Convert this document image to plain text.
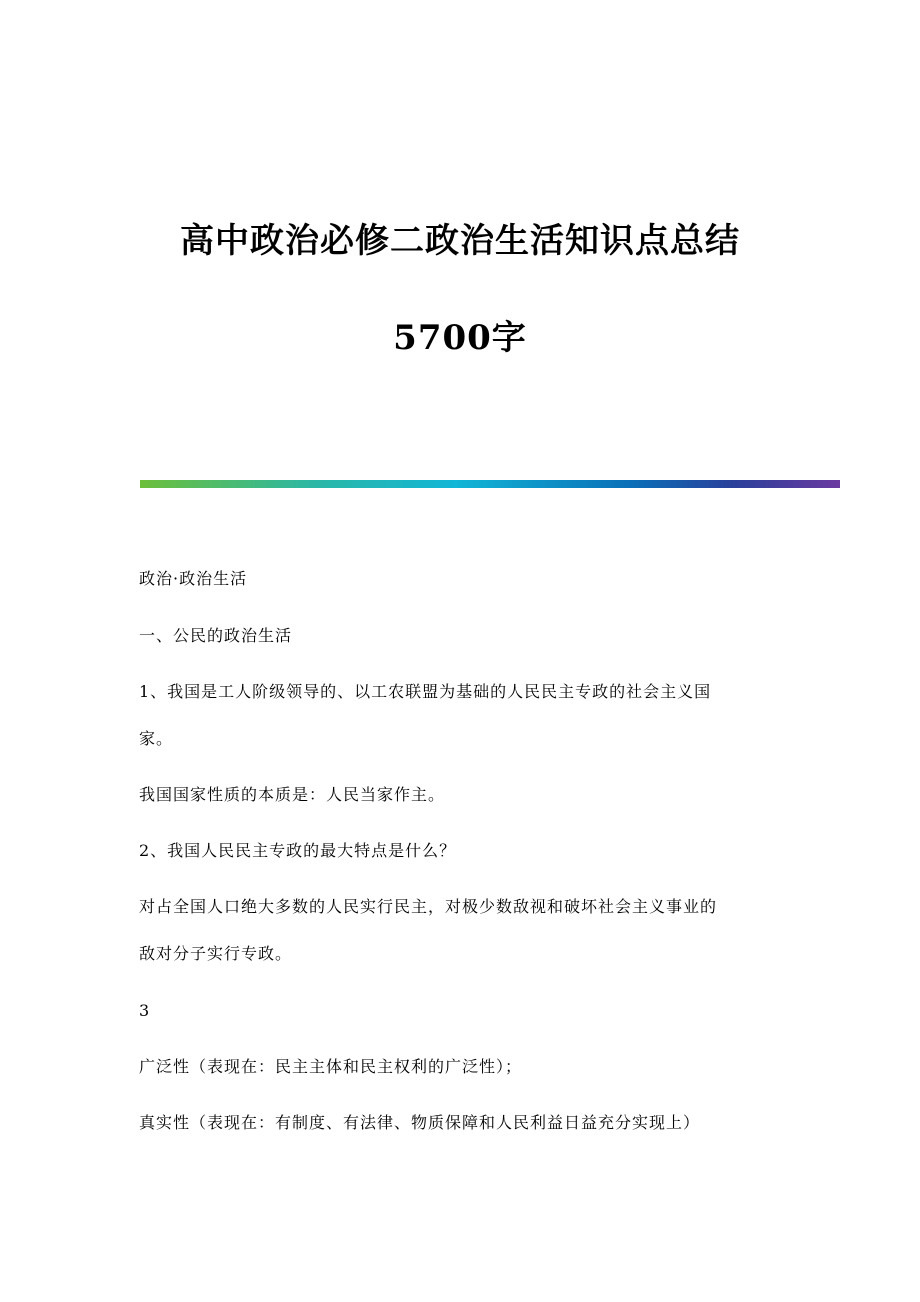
高中政治必修二政治生活知识点总结
5700字

政治·政治生活

一、公民的政治生活

1、我国是工人阶级领导的、以工农联盟为基础的人民民主专政的社会主义国

家。

我国国家性质的本质是：人民当家作主。

2、我国人民民主专政的最大特点是什么？

对占全国人口绝大多数的人民实行民主，对极少数敌视和破坏社会主义事业的

敌对分子实行专政。

3

广泛性（表现在：民主主体和民主权利的广泛性）；

真实性（表现在：有制度、有法律、物质保障和人民利益日益充分实现上）
